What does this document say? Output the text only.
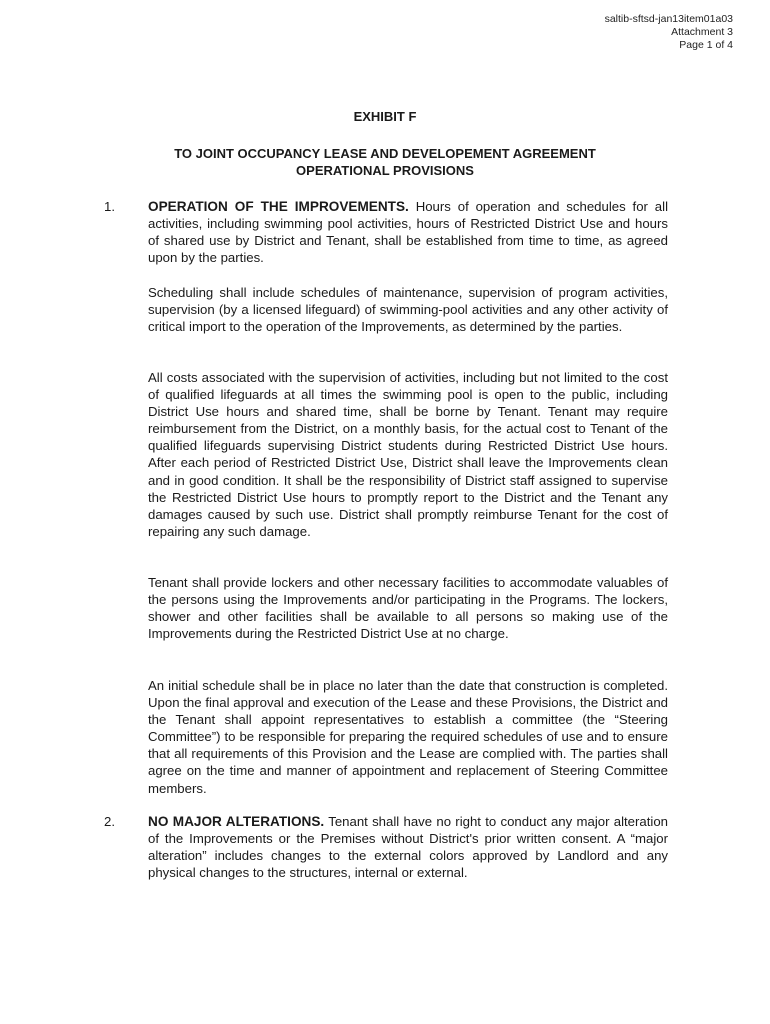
saltib-sftsd-jan13item01a03
Attachment 3
Page 1 of 4
EXHIBIT F
TO JOINT OCCUPANCY LEASE AND DEVELOPEMENT AGREEMENT
OPERATIONAL PROVISIONS
1. OPERATION OF THE IMPROVEMENTS. Hours of operation and schedules for all activities, including swimming pool activities, hours of Restricted District Use and hours of shared use by District and Tenant, shall be established from time to time, as agreed upon by the parties.

Scheduling shall include schedules of maintenance, supervision of program activities, supervision (by a licensed lifeguard) of swimming-pool activities and any other activity of critical import to the operation of the Improvements, as determined by the parties.

All costs associated with the supervision of activities, including but not limited to the cost of qualified lifeguards at all times the swimming pool is open to the public, including District Use hours and shared time, shall be borne by Tenant. Tenant may require reimbursement from the District, on a monthly basis, for the actual cost to Tenant of the qualified lifeguards supervising District students during Restricted District Use hours. After each period of Restricted District Use, District shall leave the Improvements clean and in good condition. It shall be the responsibility of District staff assigned to supervise the Restricted District Use hours to promptly report to the District and the Tenant any damages caused by such use. District shall promptly reimburse Tenant for the cost of repairing any such damage.

Tenant shall provide lockers and other necessary facilities to accommodate valuables of the persons using the Improvements and/or participating in the Programs. The lockers, shower and other facilities shall be available to all persons so making use of the Improvements during the Restricted District Use at no charge.

An initial schedule shall be in place no later than the date that construction is completed. Upon the final approval and execution of the Lease and these Provisions, the District and the Tenant shall appoint representatives to establish a committee (the “Steering Committee”) to be responsible for preparing the required schedules of use and to ensure that all requirements of this Provision and the Lease are complied with. The parties shall agree on the time and manner of appointment and replacement of Steering Committee members.

2. NO MAJOR ALTERATIONS. Tenant shall have no right to conduct any major alteration of the Improvements or the Premises without District's prior written consent. A “major alteration” includes changes to the external colors approved by Landlord and any physical changes to the structures, internal or external.
